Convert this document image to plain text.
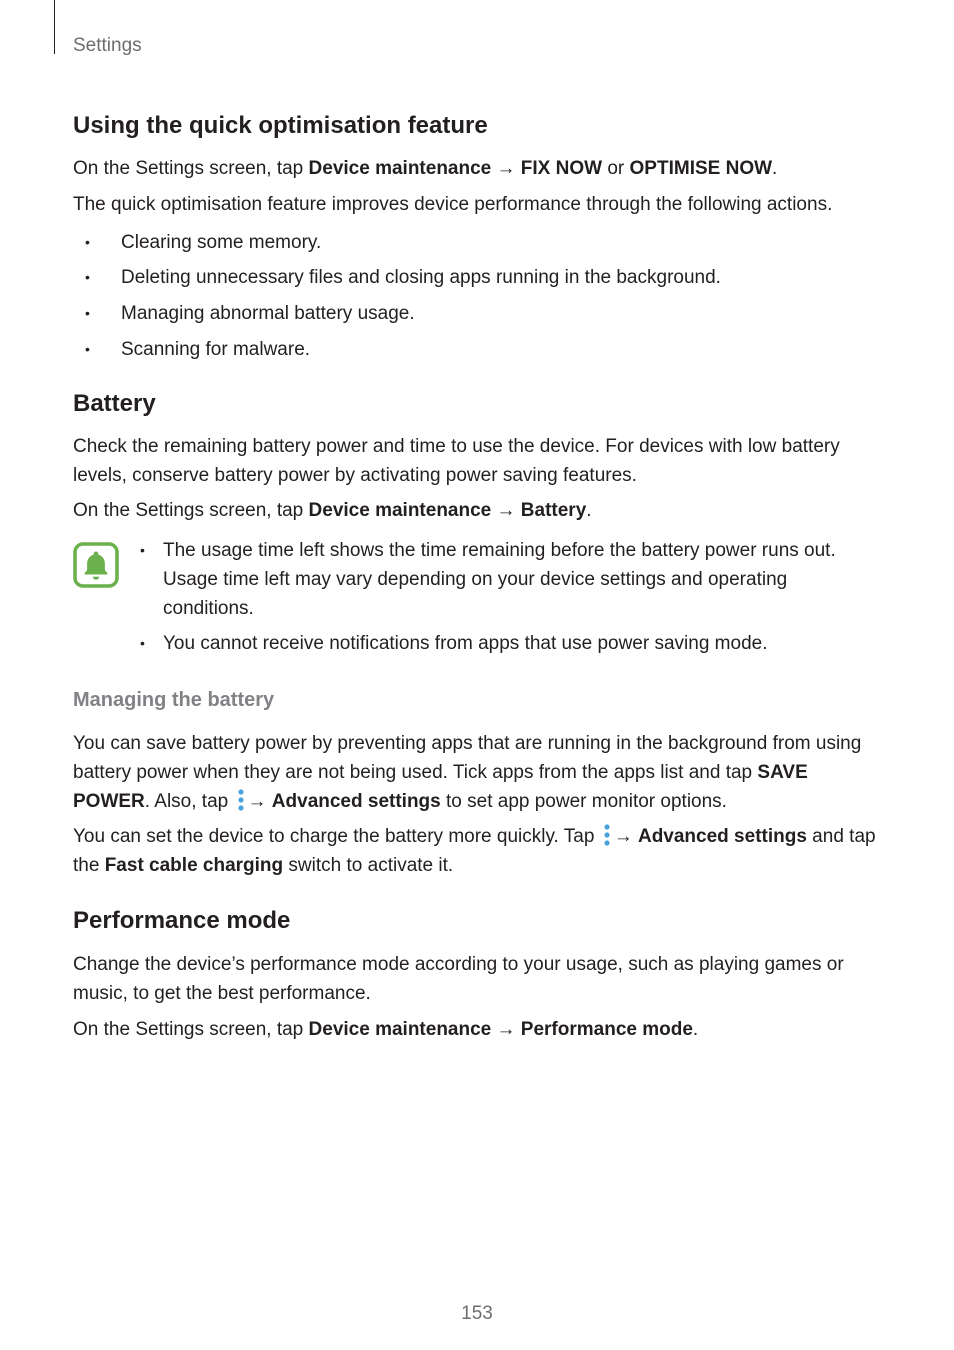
Settings
Using the quick optimisation feature

On the Settings screen, tap Device maintenance → FIX NOW or OPTIMISE NOW.

The quick optimisation feature improves device performance through the following actions.

• Clearing some memory.
• Deleting unnecessary files and closing apps running in the background.
• Managing abnormal battery usage.
• Scanning for malware.
Battery

Check the remaining battery power and time to use the device. For devices with low battery levels, conserve battery power by activating power saving features.

On the Settings screen, tap Device maintenance → Battery.

• The usage time left shows the time remaining before the battery power runs out. Usage time left may vary depending on your device settings and operating conditions.
• You cannot receive notifications from apps that use power saving mode.
Managing the battery

You can save battery power by preventing apps that are running in the background from using battery power when they are not being used. Tick apps from the apps list and tap SAVE POWER. Also, tap → Advanced settings to set app power monitor options.

You can set the device to charge the battery more quickly. Tap → Advanced settings and tap the Fast cable charging switch to activate it.

Performance mode

Change the device’s performance mode according to your usage, such as playing games or music, to get the best performance.

On the Settings screen, tap Device maintenance → Performance mode.

153
